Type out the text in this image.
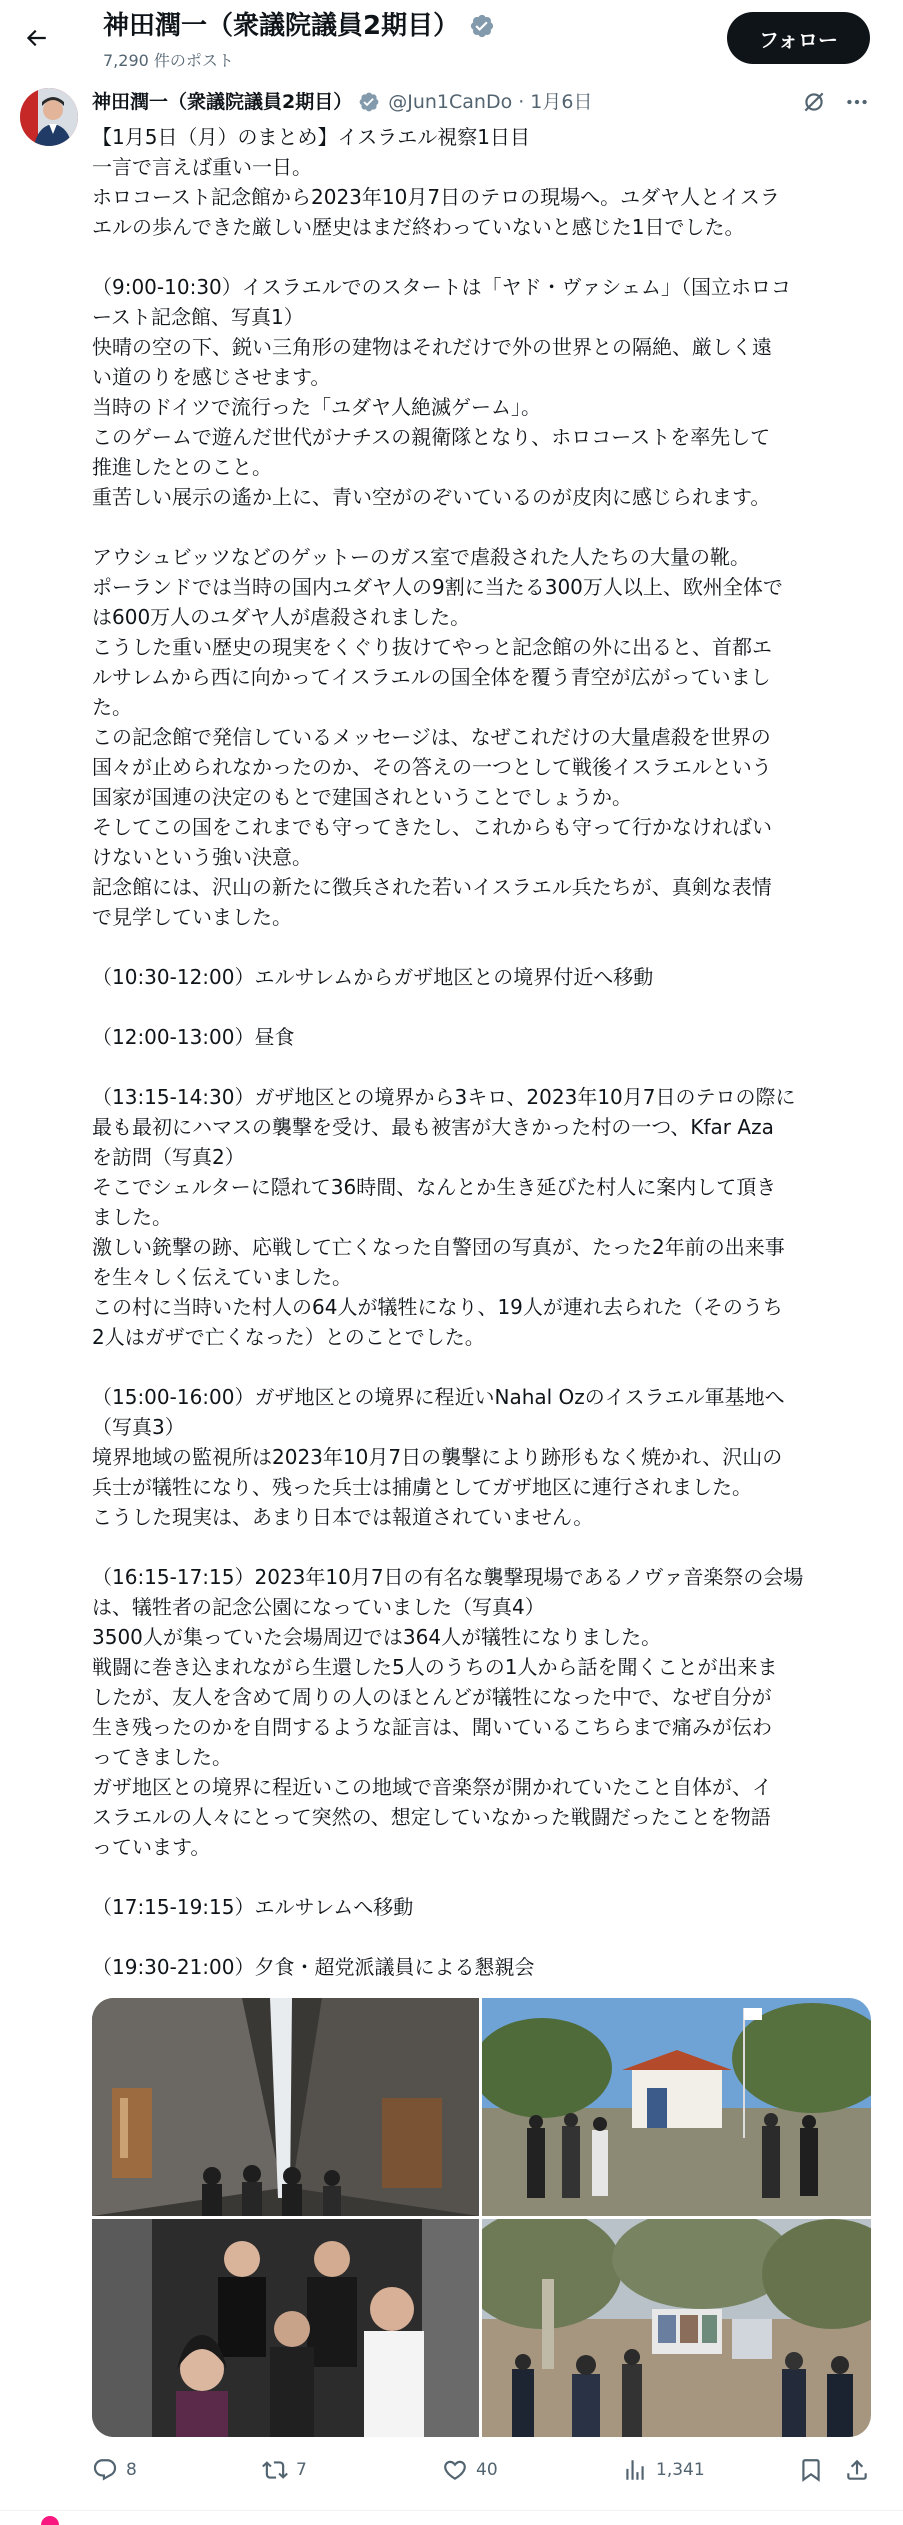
神田潤一（衆議院議員2期目）
7,290 件のポスト
フォロー
神田潤一（衆議院議員2期目） @Jun1CanDo · 1月6日

【1月5日（月）のまとめ】イスラエル視察1日目

一言で言えば重い一日。

ホロコースト記念館から2023年10月7日のテロの現場へ。ユダヤ人とイスラ

エルの歩んできた厳しい歴史はまだ終わっていないと感じた1日でした。

（9:00-10:30）イスラエルでのスタートは「ヤド・ヴァシェム」（国立ホロコ

ースト記念館、写真1）

快晴の空の下、鋭い三角形の建物はそれだけで外の世界との隔絶、厳しく遠

い道のりを感じさせます。

当時のドイツで流行った「ユダヤ人絶滅ゲーム」。

このゲームで遊んだ世代がナチスの親衛隊となり、ホロコーストを率先して

推進したとのこと。

重苦しい展示の遙か上に、青い空がのぞいているのが皮肉に感じられます。

アウシュビッツなどのゲットーのガス室で虐殺された人たちの大量の靴。

ポーランドでは当時の国内ユダヤ人の9割に当たる300万人以上、欧州全体で

は600万人のユダヤ人が虐殺されました。

こうした重い歴史の現実をくぐり抜けてやっと記念館の外に出ると、首都エ

ルサレムから西に向かってイスラエルの国全体を覆う青空が広がっていまし

た。

この記念館で発信しているメッセージは、なぜこれだけの大量虐殺を世界の

国々が止められなかったのか、その答えの一つとして戦後イスラエルという

国家が国連の決定のもとで建国されということでしょうか。

そしてこの国をこれまでも守ってきたし、これからも守って行かなければい

けないという強い決意。

記念館には、沢山の新たに徴兵された若いイスラエル兵たちが、真剣な表情

で見学していました。

（10:30-12:00）エルサレムからガザ地区との境界付近へ移動

（12:00-13:00）昼食

（13:15-14:30）ガザ地区との境界から3キロ、2023年10月7日のテロの際に

最も最初にハマスの襲撃を受け、最も被害が大きかった村の一つ、Kfar Aza

を訪問（写真2）

そこでシェルターに隠れて36時間、なんとか生き延びた村人に案内して頂き

ました。

激しい銃撃の跡、応戦して亡くなった自警団の写真が、たった2年前の出来事

を生々しく伝えていました。

この村に当時いた村人の64人が犠牲になり、19人が連れ去られた（そのうち

2人はガザで亡くなった）とのことでした。

（15:00-16:00）ガザ地区との境界に程近いNahal Ozのイスラエル軍基地へ

（写真3）

境界地域の監視所は2023年10月7日の襲撃により跡形もなく焼かれ、沢山の

兵士が犠牲になり、残った兵士は捕虜としてガザ地区に連行されました。

こうした現実は、あまり日本では報道されていません。

（16:15-17:15）2023年10月7日の有名な襲撃現場であるノヴァ音楽祭の会場

は、犠牲者の記念公園になっていました（写真4）

3500人が集っていた会場周辺では364人が犠牲になりました。

戦闘に巻き込まれながら生還した5人のうちの1人から話を聞くことが出来ま

したが、友人を含めて周りの人のほとんどが犠牲になった中で、なぜ自分が

生き残ったのかを自問するような証言は、聞いているこちらまで痛みが伝わ

ってきました。

ガザ地区との境界に程近いこの地域で音楽祭が開かれていたこと自体が、イ

スラエルの人々にとって突然の、想定していなかった戦闘だったことを物語

っています。

（17:15-19:15）エルサレムへ移動

（19:30-21:00）夕食・超党派議員による懇親会

8	7	40	1,341
